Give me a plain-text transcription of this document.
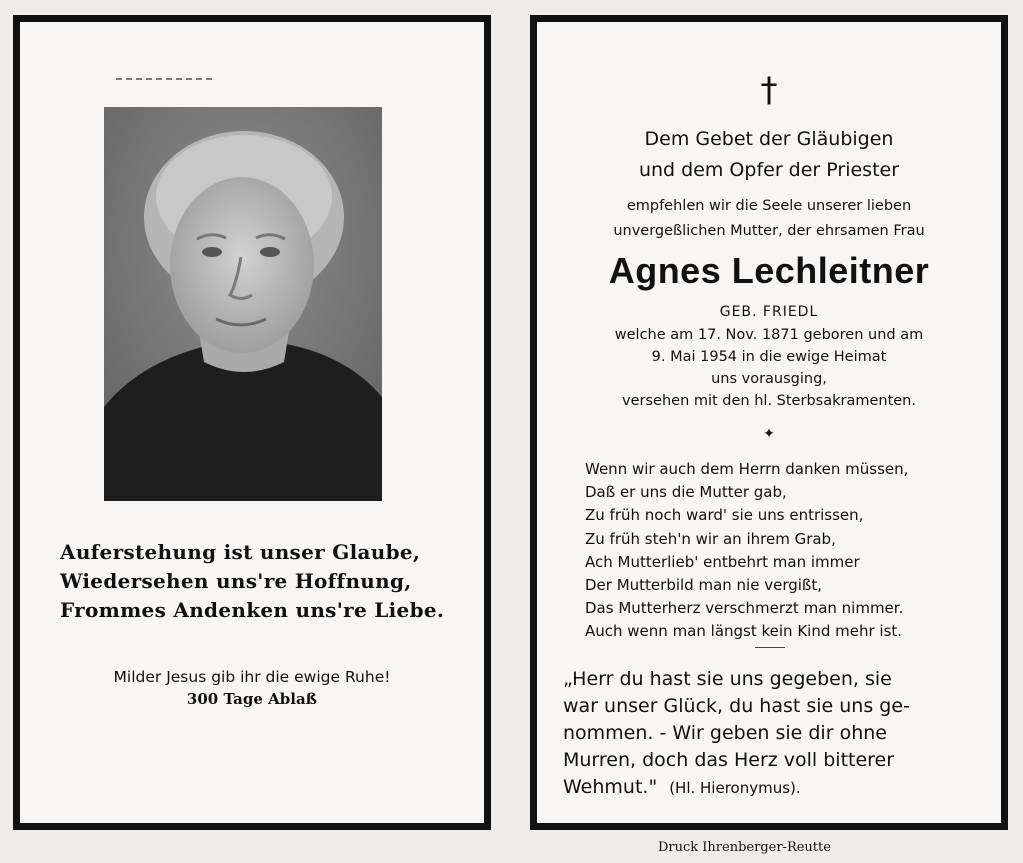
Auferstehung ist unser Glaube,
Wiedersehen uns're Hoffnung,
Frommes Andenken uns're Liebe.
Milder Jesus gib ihr die ewige Ruhe!
300 Tage Ablaß
†
Dem Gebet der Gläubigen
und dem Opfer der Priester
empfehlen wir die Seele unserer lieben
unvergeßlichen Mutter, der ehrsamen Frau
Agnes Lechleitner
GEB. FRIEDL
welche am 17. Nov. 1871 geboren und am
9. Mai 1954 in die ewige Heimat
uns vorausging,
versehen mit den hl. Sterbsakramenten.
✦
Wenn wir auch dem Herrn danken müssen,
Daß er uns die Mutter gab,
Zu früh noch ward' sie uns entrissen,
Zu früh steh'n wir an ihrem Grab,
Ach Mutterlieb' entbehrt man immer
Der Mutterbild man nie vergißt,
Das Mutterherz verschmerzt man nimmer.
Auch wenn man längst kein Kind mehr ist.
„Herr du hast sie uns gegeben, sie
war unser Glück, du hast sie uns ge-
nommen. - Wir geben sie dir ohne
Murren, doch das Herz voll bitterer
Wehmut." (Hl. Hieronymus).
Druck Ihrenberger-Reutte
